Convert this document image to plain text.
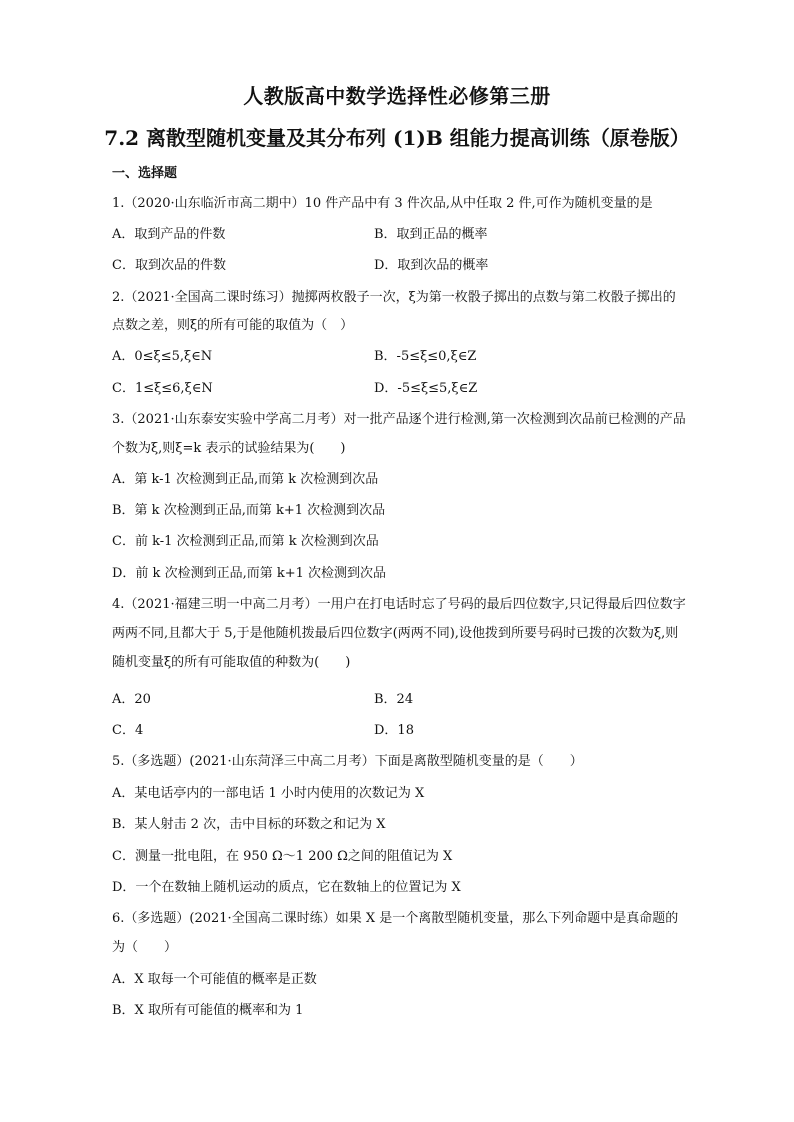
人教版高中数学选择性必修第三册
7.2 离散型随机变量及其分布列 (1)B 组能力提高训练（原卷版）
一、选择题
1.（2020·山东临沂市高二期中）10 件产品中有 3 件次品,从中任取 2 件,可作为随机变量的是
A．取到产品的件数	B．取到正品的概率
C．取到次品的件数	D．取到次品的概率
2.（2021·全国高二课时练习）抛掷两枚骰子一次，ξ为第一枚骰子掷出的点数与第二枚骰子掷出的
点数之差，则ξ的所有可能的取值为（　）
A．0≤ξ≤5,ξ∈N	B．-5≤ξ≤0,ξ∈Z
C．1≤ξ≤6,ξ∈N	D．-5≤ξ≤5,ξ∈Z
3.（2021·山东泰安实验中学高二月考）对一批产品逐个进行检测,第一次检测到次品前已检测的产品
个数为ξ,则ξ=k 表示的试验结果为(　　)
A．第 k-1 次检测到正品,而第 k 次检测到次品
B．第 k 次检测到正品,而第 k+1 次检测到次品
C．前 k-1 次检测到正品,而第 k 次检测到次品
D．前 k 次检测到正品,而第 k+1 次检测到次品
4.（2021·福建三明一中高二月考）一用户在打电话时忘了号码的最后四位数字,只记得最后四位数字
两两不同,且都大于 5,于是他随机拨最后四位数字(两两不同),设他拨到所要号码时已拨的次数为ξ,则
随机变量ξ的所有可能取值的种数为(　　)
A．20	B．24
C．4	D．18
5.（多选题）(2021·山东菏泽三中高二月考）下面是离散型随机变量的是（　　）
A．某电话亭内的一部电话 1 小时内使用的次数记为 X
B．某人射击 2 次，击中目标的环数之和记为 X
C．测量一批电阻，在 950 Ω～1 200 Ω之间的阻值记为 X
D．一个在数轴上随机运动的质点，它在数轴上的位置记为 X
6.（多选题）(2021·全国高二课时练）如果 X 是一个离散型随机变量，那么下列命题中是真命题的
为（　　）
A．X 取每一个可能值的概率是正数
B．X 取所有可能值的概率和为 1
